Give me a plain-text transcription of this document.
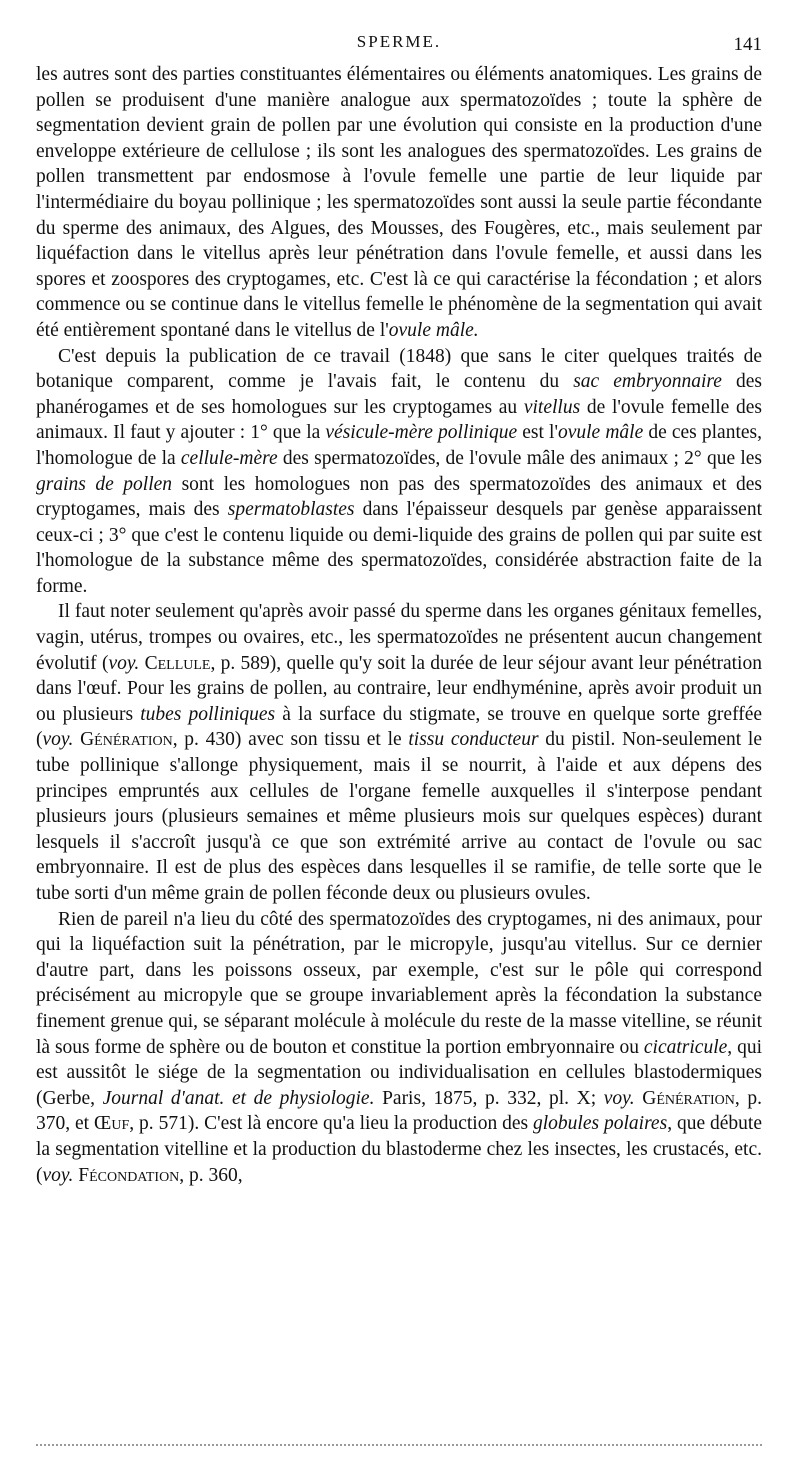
SPERME.	141

les autres sont des parties constituantes élémentaires ou éléments anatomiques. Les grains de pollen se produisent d'une manière analogue aux spermatozoïdes ; toute la sphère de segmentation devient grain de pollen par une évolution qui consiste en la production d'une enveloppe extérieure de cellulose ; ils sont les analogues des spermatozoïdes. Les grains de pollen transmettent par endosmose à l'ovule femelle une partie de leur liquide par l'intermédiaire du boyau pollinique ; les spermatozoïdes sont aussi la seule partie fécondante du sperme des animaux, des Algues, des Mousses, des Fougères, etc., mais seulement par liquéfaction dans le vitellus après leur pénétration dans l'ovule femelle, et aussi dans les spores et zoospores des cryptogames, etc. C'est là ce qui caractérise la fécondation ; et alors commence ou se continue dans le vitellus femelle le phénomène de la segmentation qui avait été entièrement spontané dans le vitellus de l'ovule mâle.

C'est depuis la publication de ce travail (1848) que sans le citer quelques traités de botanique comparent, comme je l'avais fait, le contenu du sac embryonnaire des phanérogames et de ses homologues sur les cryptogames au vitellus de l'ovule femelle des animaux. Il faut y ajouter : 1° que la vésicule-mère pollinique est l'ovule mâle de ces plantes, l'homologue de la cellule-mère des spermatozoïdes, de l'ovule mâle des animaux ; 2° que les grains de pollen sont les homologues non pas des spermatozoïdes des animaux et des cryptogames, mais des spermatoblastes dans l'épaisseur desquels par genèse apparaissent ceux-ci ; 3° que c'est le contenu liquide ou demi-liquide des grains de pollen qui par suite est l'homologue de la substance même des spermatozoïdes, considérée abstraction faite de la forme.

Il faut noter seulement qu'après avoir passé du sperme dans les organes génitaux femelles, vagin, utérus, trompes ou ovaires, etc., les spermatozoïdes ne présentent aucun changement évolutif (voy. Cellule, p. 589), quelle qu'y soit la durée de leur séjour avant leur pénétration dans l'œuf. Pour les grains de pollen, au contraire, leur endhyménine, après avoir produit un ou plusieurs tubes polliniques à la surface du stigmate, se trouve en quelque sorte greffée (voy. Génération, p. 430) avec son tissu et le tissu conducteur du pistil. Non-seulement le tube pollinique s'allonge physiquement, mais il se nourrit, à l'aide et aux dépens des principes empruntés aux cellules de l'organe femelle auxquelles il s'interpose pendant plusieurs jours (plusieurs semaines et même plusieurs mois sur quelques espèces) durant lesquels il s'accroît jusqu'à ce que son extrémité arrive au contact de l'ovule ou sac embryonnaire. Il est de plus des espèces dans lesquelles il se ramifie, de telle sorte que le tube sorti d'un même grain de pollen féconde deux ou plusieurs ovules.

Rien de pareil n'a lieu du côté des spermatozoïdes des cryptogames, ni des animaux, pour qui la liquéfaction suit la pénétration, par le micropyle, jusqu'au vitellus. Sur ce dernier d'autre part, dans les poissons osseux, par exemple, c'est sur le pôle qui correspond précisément au micropyle que se groupe invariablement après la fécondation la substance finement grenue qui, se séparant molécule à molécule du reste de la masse vitelline, se réunit là sous forme de sphère ou de bouton et constitue la portion embryonnaire ou cicatricule, qui est aussitôt le siége de la segmentation ou individualisation en cellules blastodermiques (Gerbe, Journal d'anat. et de physiologie. Paris, 1875, p. 332, pl. X; voy. Génération, p. 370, et Œuf, p. 571). C'est là encore qu'a lieu la production des globules polaires, que débute la segmentation vitelline et la production du blastoderme chez les insectes, les crustacés, etc. (voy. Fécondation, p. 360,
